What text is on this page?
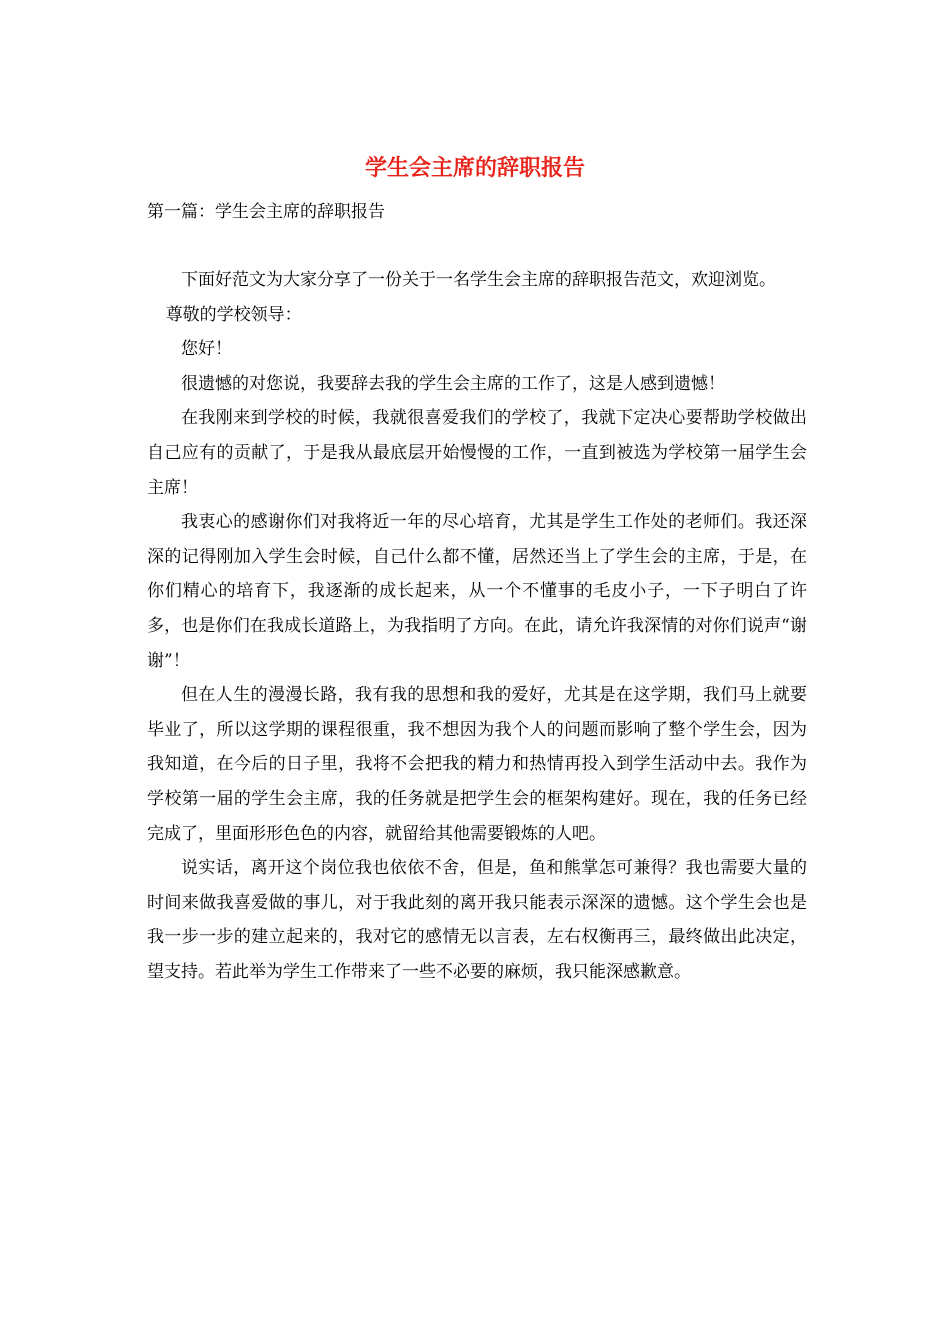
学生会主席的辞职报告
第一篇：学生会主席的辞职报告

下面好范文为大家分享了一份关于一名学生会主席的辞职报告范文，欢迎浏览。

尊敬的学校领导：

您好！

很遗憾的对您说，我要辞去我的学生会主席的工作了，这是人感到遗憾！

在我刚来到学校的时候，我就很喜爱我们的学校了，我就下定决心要帮助学校做出自己应有的贡献了，于是我从最底层开始慢慢的工作，一直到被选为学校第一届学生会主席！

我衷心的感谢你们对我将近一年的尽心培育，尤其是学生工作处的老师们。我还深深的记得刚加入学生会时候，自己什么都不懂，居然还当上了学生会的主席，于是，在你们精心的培育下，我逐渐的成长起来，从一个不懂事的毛皮小子，一下子明白了许多，也是你们在我成长道路上，为我指明了方向。在此，请允许我深情的对你们说声“谢谢”！

但在人生的漫漫长路，我有我的思想和我的爱好，尤其是在这学期，我们马上就要毕业了，所以这学期的课程很重，我不想因为我个人的问题而影响了整个学生会，因为我知道，在今后的日子里，我将不会把我的精力和热情再投入到学生活动中去。我作为学校第一届的学生会主席，我的任务就是把学生会的框架构建好。现在，我的任务已经完成了，里面形形色色的内容，就留给其他需要锻炼的人吧。

说实话，离开这个岗位我也依依不舍，但是，鱼和熊掌怎可兼得？我也需要大量的时间来做我喜爱做的事儿，对于我此刻的离开我只能表示深深的遗憾。这个学生会也是我一步一步的建立起来的，我对它的感情无以言表，左右权衡再三，最终做出此决定，望支持。若此举为学生工作带来了一些不必要的麻烦，我只能深感歉意。
